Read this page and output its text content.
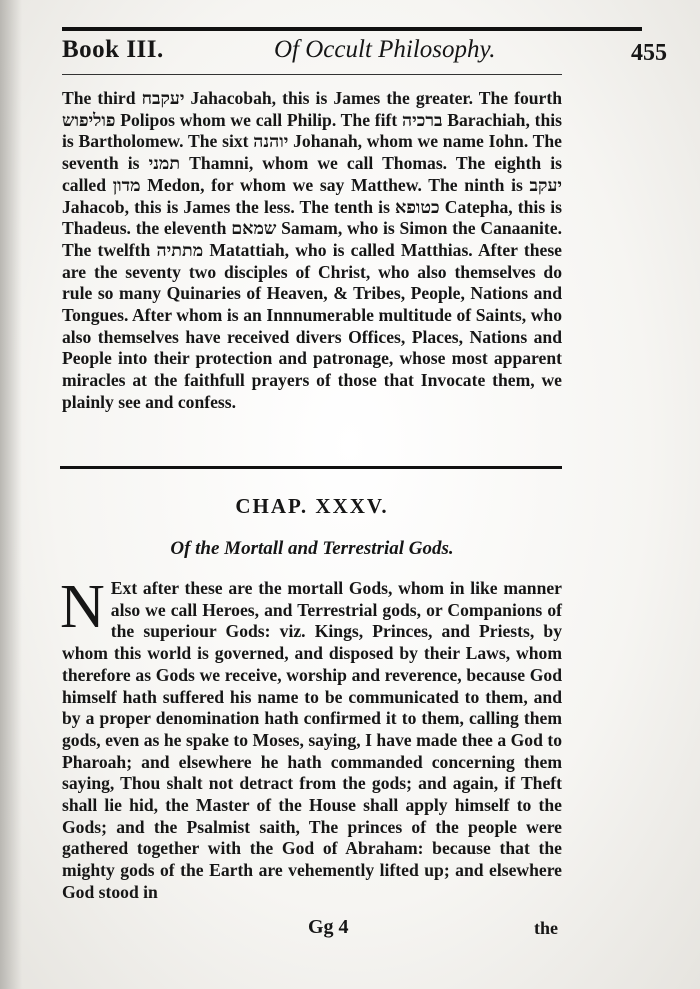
Book III.	Of Occult Philosophy.	455

The third יעקבח Jahacobah, this is James the greater. The fourth פוליפוש Polipos whom we call Philip. The fift ברכיה Barachiah, this is Bartholomew. The sixt יוהנה Johanah, whom we name Iohn. The seventh is תמני Thamni, whom we call Thomas. The eighth is called מדון Medon, for whom we say Matthew. The ninth is יעקב Jahacob, this is James the less. The tenth is כטופא Catepha, this is Thadeus. the eleventh שמאם Samam, who is Simon the Canaanite. The twelfth מתתיה Matattiah, who is called Matthias. After these are the seventy two disciples of Christ, who also themselves do rule so many Quinaries of Heaven, & Tribes, People, Nations and Tongues. After whom is an Innnumerable multitude of Saints, who also themselves have received divers Offices, Places, Nations and People into their protection and patronage, whose most apparent miracles at the faithfull prayers of those that Invocate them, we plainly see and confess.

CHAP. XXXV.
Of the Mortall and Terrestrial Gods.
N Ext after these are the mortall Gods, whom in like manner also we call Heroes, and Terrestrial gods, or Companions of the superiour Gods: viz. Kings, Princes, and Priests, by whom this world is governed, and disposed by their Laws, whom therefore as Gods we receive, worship and reverence, because God himself hath suffered his name to be communicated to them, and by a proper denomination hath confirmed it to them, calling them gods, even as he spake to Moses, saying, I have made thee a God to Pharoah; and elsewhere he hath commanded concerning them saying, Thou shalt not detract from the gods; and again, if Theft shall lie hid, the Master of the House shall apply himself to the Gods; and the Psalmist saith, The princes of the people were gathered together with the God of Abraham: because that the mighty gods of the Earth are vehemently lifted up; and elsewhere God stood in
Gg 4	the
